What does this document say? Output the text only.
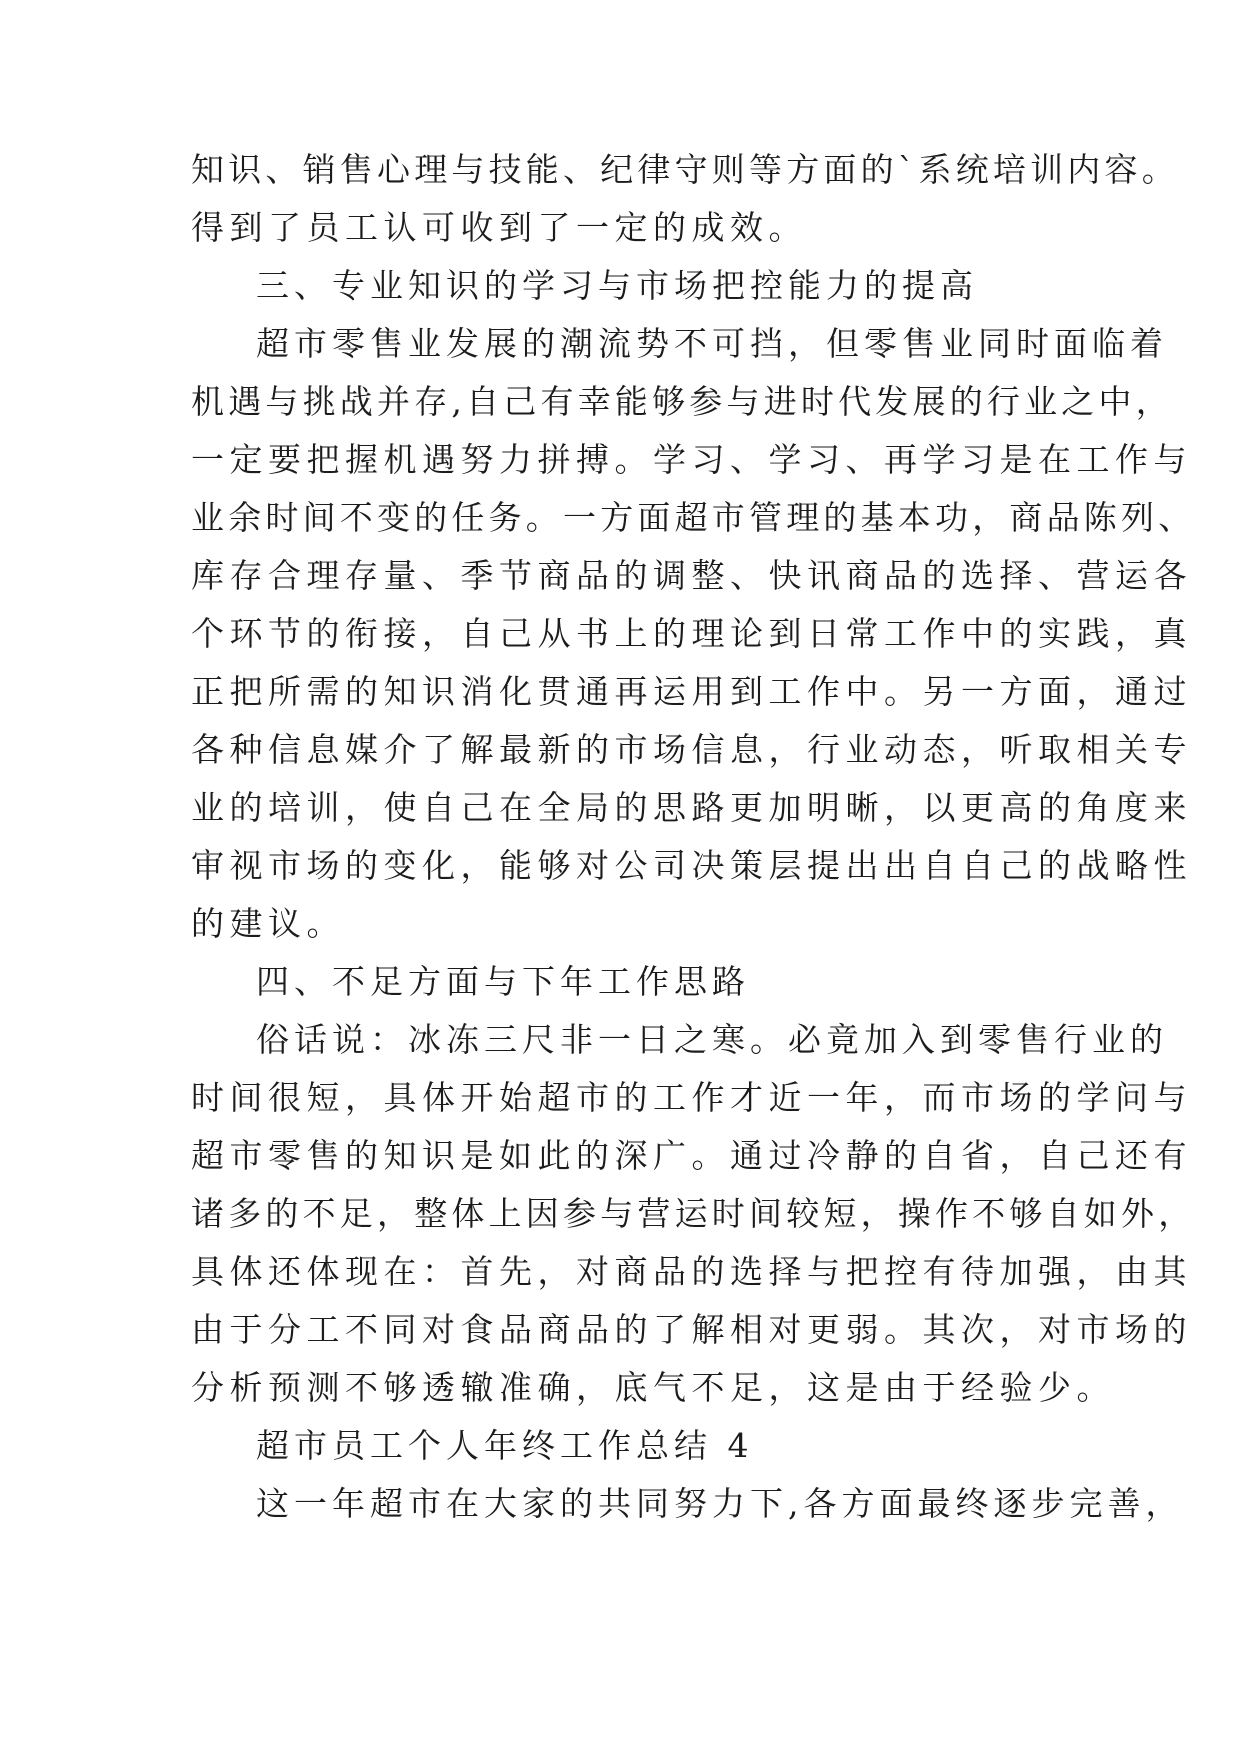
知识、销售心理与技能、纪律守则等方面的`系统培训内容。
得到了员工认可收到了一定的成效。
三、专业知识的学习与市场把控能力的提高
超市零售业发展的潮流势不可挡，但零售业同时面临着
机遇与挑战并存,自己有幸能够参与进时代发展的行业之中，
一定要把握机遇努力拼搏。学习、学习、再学习是在工作与
业余时间不变的任务。一方面超市管理的基本功，商品陈列、
库存合理存量、季节商品的调整、快讯商品的选择、营运各
个环节的衔接，自己从书上的理论到日常工作中的实践，真
正把所需的知识消化贯通再运用到工作中。另一方面，通过
各种信息媒介了解最新的市场信息，行业动态，听取相关专
业的培训，使自己在全局的思路更加明晰，以更高的角度来
审视市场的变化，能够对公司决策层提出出自自己的战略性
的建议。
四、不足方面与下年工作思路
俗话说：冰冻三尺非一日之寒。必竟加入到零售行业的
时间很短，具体开始超市的工作才近一年，而市场的学问与
超市零售的知识是如此的深广。通过冷静的自省，自己还有
诸多的不足，整体上因参与营运时间较短，操作不够自如外，
具体还体现在：首先，对商品的选择与把控有待加强，由其
由于分工不同对食品商品的了解相对更弱。其次，对市场的
分析预测不够透辙准确，底气不足，这是由于经验少。
超市员工个人年终工作总结 4
这一年超市在大家的共同努力下,各方面最终逐步完善，
